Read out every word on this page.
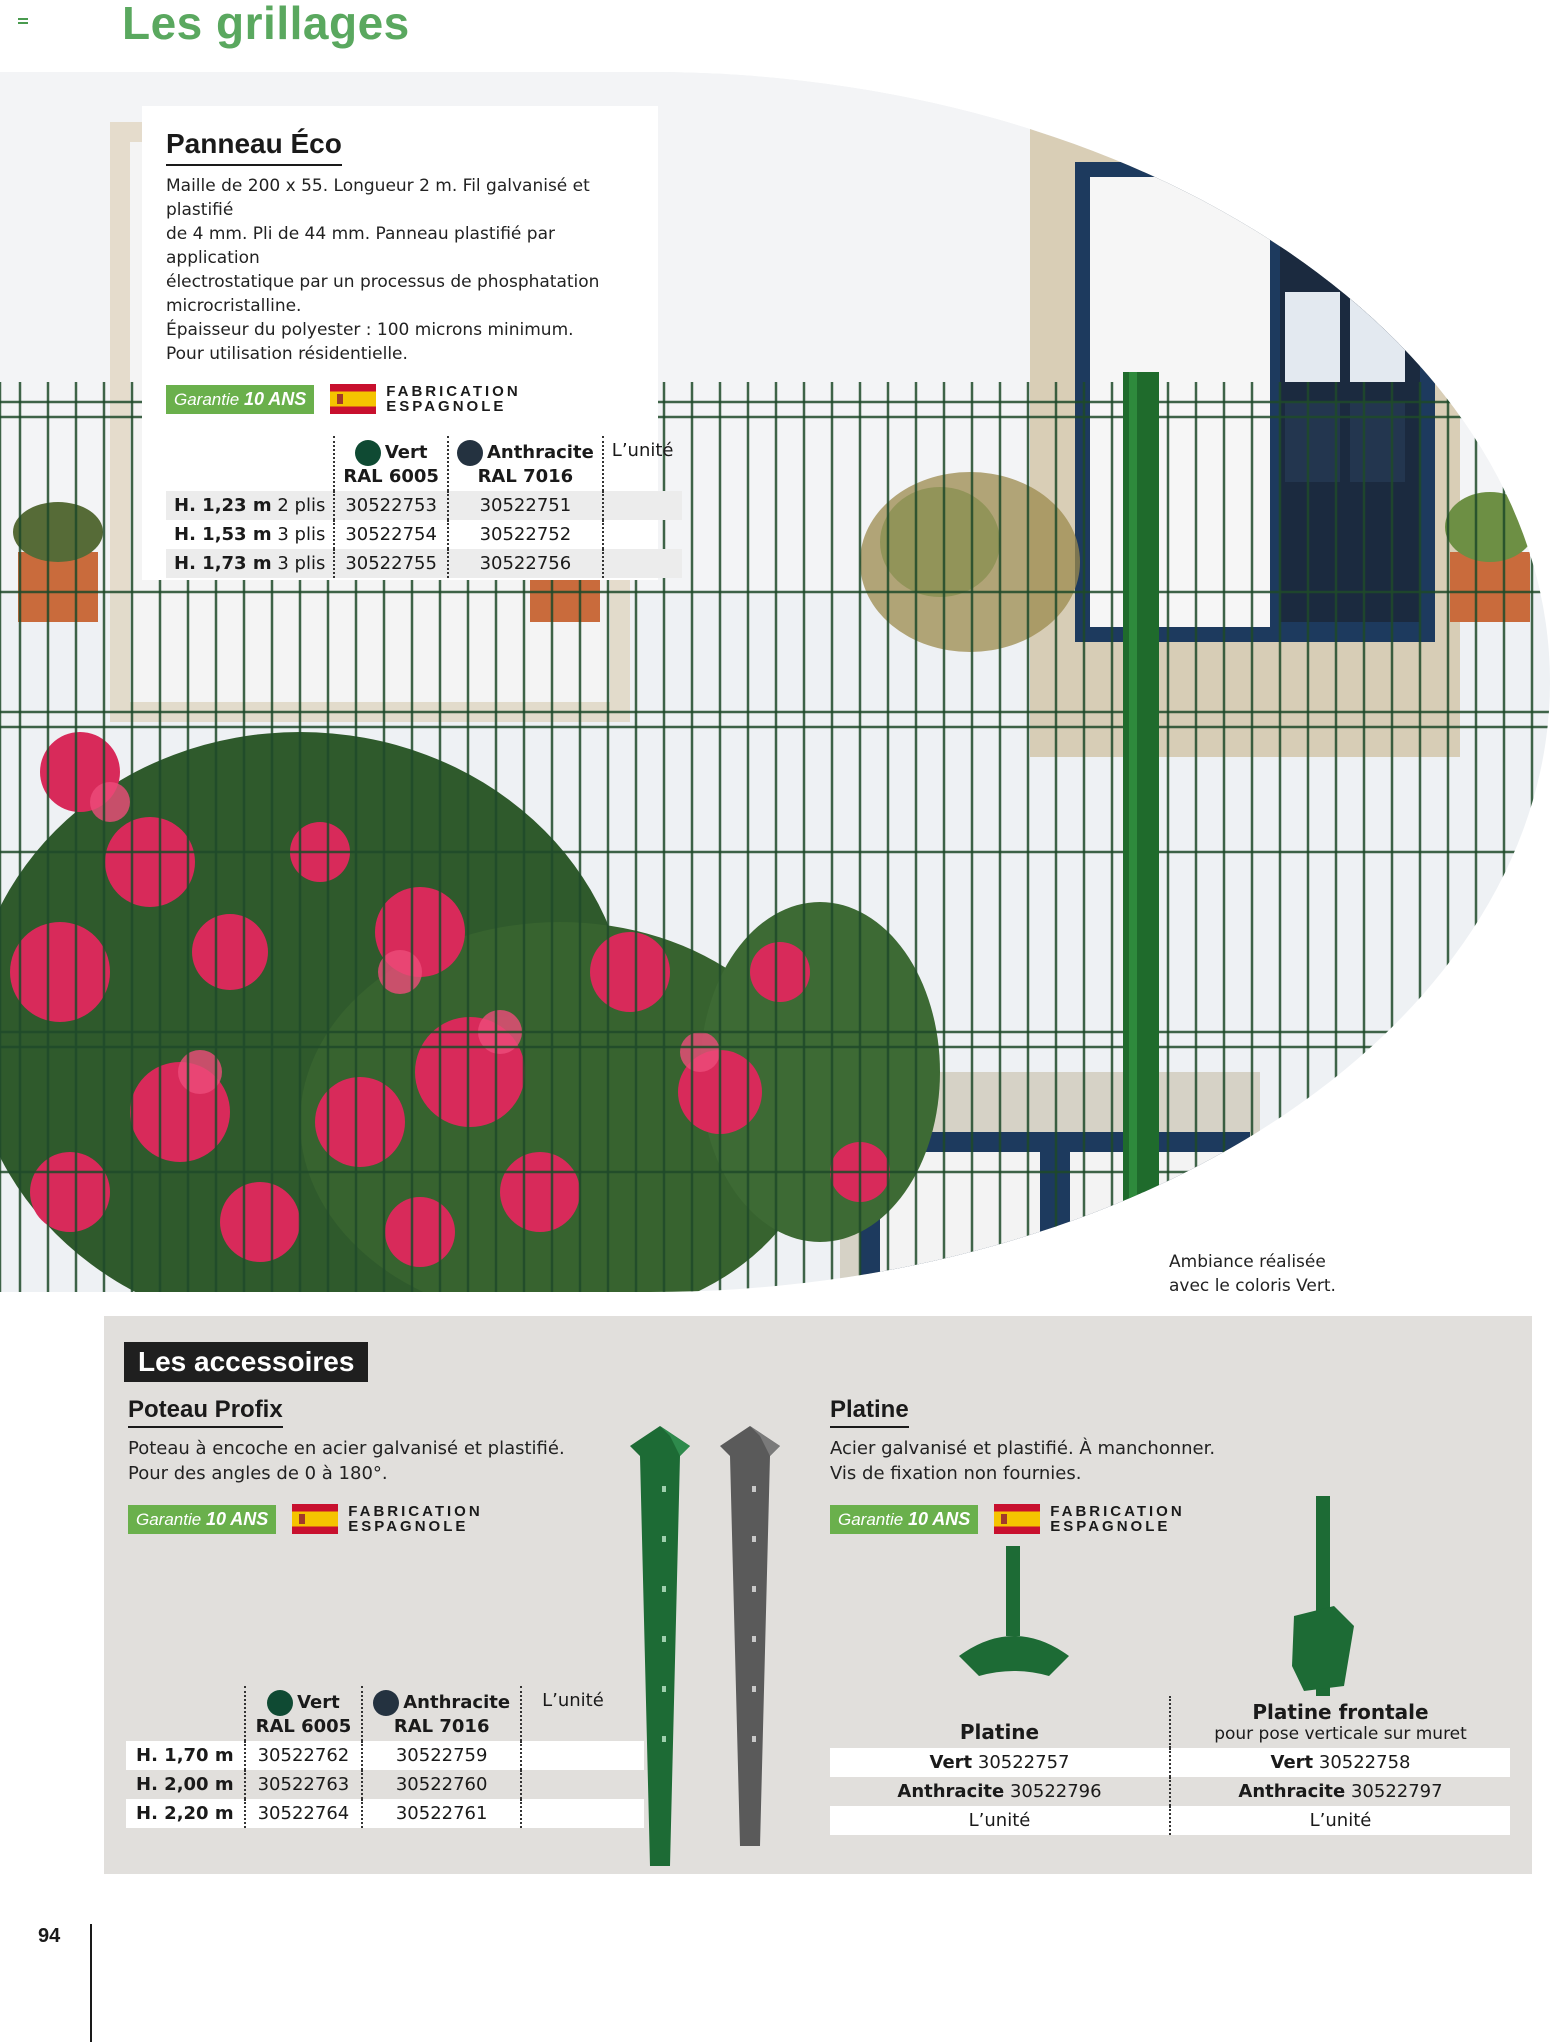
Les grillages
Panneau Éco
Maille de 200 x 55. Longueur 2 m. Fil galvanisé et plastifié
de 4 mm. Pli de 44 mm. Panneau plastifié par application
électrostatique par un processus de phosphatation
microcristalline.
Épaisseur du polyester : 100 microns minimum.
Pour utilisation résidentielle.
Garantie 10 ANS	FABRICATION
ESPAGNOLE
	Vert
RAL 6005	Anthracite
RAL 7016	L’unité
H. 1,23 m 2 plis	30522753	30522751	
H. 1,53 m 3 plis	30522754	30522752	
H. 1,73 m 3 plis	30522755	30522756	
Ambiance réalisée
avec le coloris Vert.
Les accessoires
Poteau Profix
Poteau à encoche en acier galvanisé et plastifié.
Pour des angles de 0 à 180°.
Garantie 10 ANS	FABRICATION
ESPAGNOLE
	Vert
RAL 6005	Anthracite
RAL 7016	L’unité
H. 1,70 m	30522762	30522759	
H. 2,00 m	30522763	30522760	
H. 2,20 m	30522764	30522761	
Platine
Acier galvanisé et plastifié. À manchonner.
Vis de fixation non fournies.
Garantie 10 ANS	FABRICATION
ESPAGNOLE
Platine	Platine frontale
pour pose verticale sur muret

Vert 30522757	Vert 30522758
Anthracite 30522796	Anthracite 30522797
L’unité	L’unité
94
